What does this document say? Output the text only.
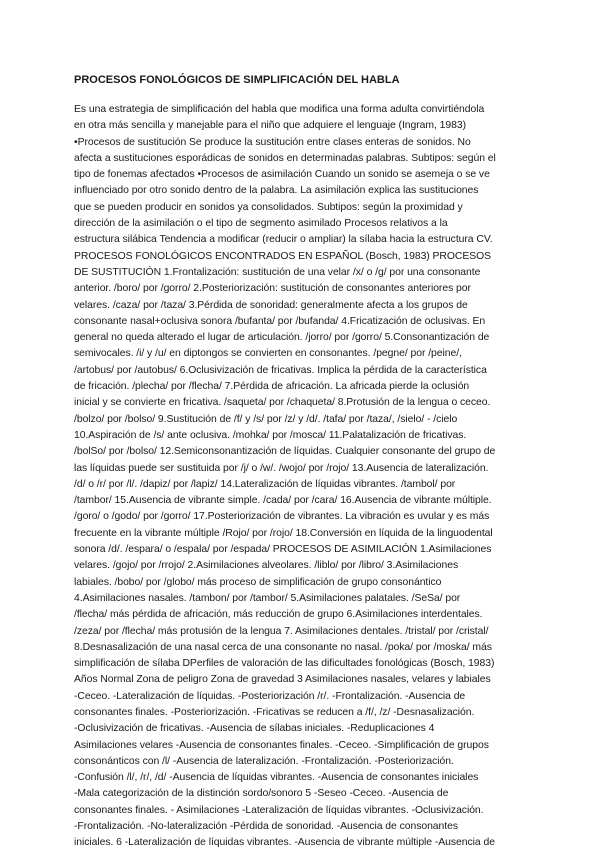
PROCESOS FONOLÓGICOS DE SIMPLIFICACIÓN DEL HABLA
Es una estrategia de simplificación del habla que modifica una forma adulta convirtiéndola
en otra más sencilla y manejable para el niño que adquiere el lenguaje (Ingram, 1983)
•Procesos de sustitución Se produce la sustitución entre clases enteras de sonidos. No
afecta a sustituciones esporádicas de sonidos en determinadas palabras. Subtipos: según el
tipo de fonemas afectados •Procesos de asimilación Cuando un sonido se asemeja o se ve
influenciado por otro sonido dentro de la palabra. La asimilación explica las sustituciones
que se pueden producir en sonidos ya consolidados. Subtipos: según la proximidad y
dirección de la asimilación o el tipo de segmento asimilado Procesos relativos a la
estructura silábica Tendencia a modificar (reducir o ampliar) la sílaba hacia la estructura CV.
PROCESOS FONOLÓGICOS ENCONTRADOS EN ESPAÑOL (Bosch, 1983) PROCESOS
DE SUSTITUCIÓN 1.Frontalización: sustitución de una velar /x/ o /g/ por una consonante
anterior. /boro/ por /gorro/ 2.Posteriorización: sustitución de consonantes anteriores por
velares. /caza/ por /taza/ 3.Pérdida de sonoridad: generalmente afecta a los grupos de
consonante nasal+oclusiva sonora /bufanta/ por /bufanda/ 4.Fricatización de oclusivas. En
general no queda alterado el lugar de articulación. /jorro/ por /gorro/ 5.Consonantización de
semivocales. /i/ y /u/ en diptongos se convierten en consonantes. /pegne/ por /peine/,
/artobus/ por /autobus/ 6.Oclusivización de fricativas. Implica la pérdida de la característica
de fricación. /plecha/ por /flecha/ 7.Pérdida de africación. La africada pierde la oclusión
inicial y se convierte en fricativa. /saqueta/ por /chaqueta/ 8.Protusión de la lengua o ceceo.
/bolzo/ por /bolso/ 9.Sustitución de /f/ y /s/ por /z/ y /d/. /tafa/ por /taza/, /sielo/ - /cielo
10.Aspiración de /s/ ante oclusiva. /mohka/ por /mosca/ 11.Palatalización de fricativas.
/bolSo/ por /bolso/ 12.Semiconsonantización de líquidas. Cualquier consonante del grupo de
las líquidas puede ser sustituida por /j/ o /w/. /wojo/ por /rojo/ 13.Ausencia de lateralización.
/d/ o /r/ por /l/. /dapiz/ por /lapiz/ 14.Lateralización de líquidas vibrantes. /tambol/ por
/tambor/ 15.Ausencia de vibrante simple. /cada/ por /cara/ 16.Ausencia de vibrante múltiple.
/goro/ o /godo/ por /gorro/ 17.Posteriorización de vibrantes. La vibración es uvular y es más
frecuente en la vibrante múltiple /Rojo/ por /rojo/ 18.Conversión en líquida de la linguodental
sonora /d/. /espara/ o /espala/ por /espada/ PROCESOS DE ASIMILACIÓN 1.Asimilaciones
velares. /gojo/ por /rrojo/ 2.Asimilaciones alveolares. /liblo/ por /libro/ 3.Asimilaciones
labiales. /bobo/ por /globo/ más proceso de simplificación de grupo consonántico
4.Asimilaciones nasales. /tambon/ por /tambor/ 5.Asimilaciones palatales. /SeSa/ por
/flecha/ más pérdida de africación, más reducción de grupo 6.Asimilaciones interdentales.
/zeza/ por /flecha/ más protusión de la lengua 7. Asimilaciones dentales. /tristal/ por /cristal/
8.Desnasalización de una nasal cerca de una consonante no nasal. /poka/ por /moska/ más
simplificación de sílaba DPerfiles de valoración de las dificultades fonológicas (Bosch, 1983)
Años Normal Zona de peligro Zona de gravedad 3 Asimilaciones nasales, velares y labiales
-Ceceo. -Lateralización de líquidas. -Posteriorización /r/. -Frontalización. -Ausencia de
consonantes finales. -Posteriorización. -Fricativas se reducen a /f/, /z/ -Desnasalización.
-Oclusivización de fricativas. -Ausencia de sílabas iniciales. -Reduplicaciones 4
Asimilaciones velares -Ausencia de consonantes finales. -Ceceo. -Simplificación de grupos
consonánticos con /l/ -Ausencia de lateralización. -Frontalización. -Posteriorización.
-Confusión /l/, /r/, /d/ -Ausencia de líquidas vibrantes. -Ausencia de consonantes iniciales
-Mala categorización de la distinción sordo/sonoro 5 -Seseo -Ceceo. -Ausencia de
consonantes finales. - Asimilaciones -Lateralización de líquidas vibrantes. -Oclusivización.
-Frontalización. -No-lateralización -Pérdida de sonoridad. -Ausencia de consonantes
iniciales. 6 -Lateralización de líquidas vibrantes. -Ausencia de vibrante múltiple -Ausencia de
